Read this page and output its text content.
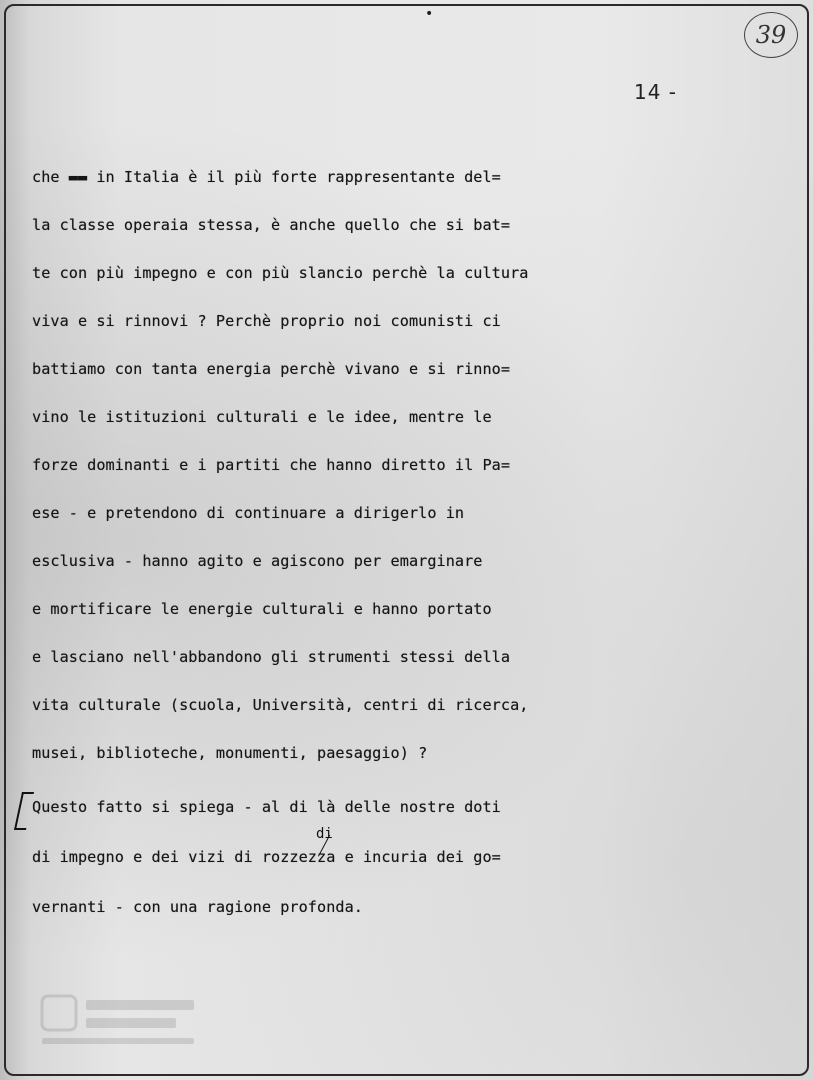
•
39
14 -
che ▬▬ in Italia è il più forte rappresentante del=
la classe operaia stessa, è anche quello che si bat=
te con più impegno e con più slancio perchè la cultura
viva e si rinnovi ? Perchè proprio noi comunisti ci
battiamo con tanta energia perchè vivano e si rinno=
vino le istituzioni culturali e le idee, mentre le
forze dominanti e i partiti che hanno diretto il Pa=
ese - e pretendono di continuare a dirigerlo in
esclusiva - hanno agito e agiscono per emarginare
e mortificare le energie culturali e hanno portato
e lasciano nell'abbandono gli strumenti stessi della
vita culturale (scuola, Università, centri di ricerca,
musei, biblioteche, monumenti, paesaggio) ?
Questo fatto si spiega - al di là delle nostre doti
di impegno e dei vizi di rozzezza e incuria dei go=
vernanti - con una ragione profonda.
di
